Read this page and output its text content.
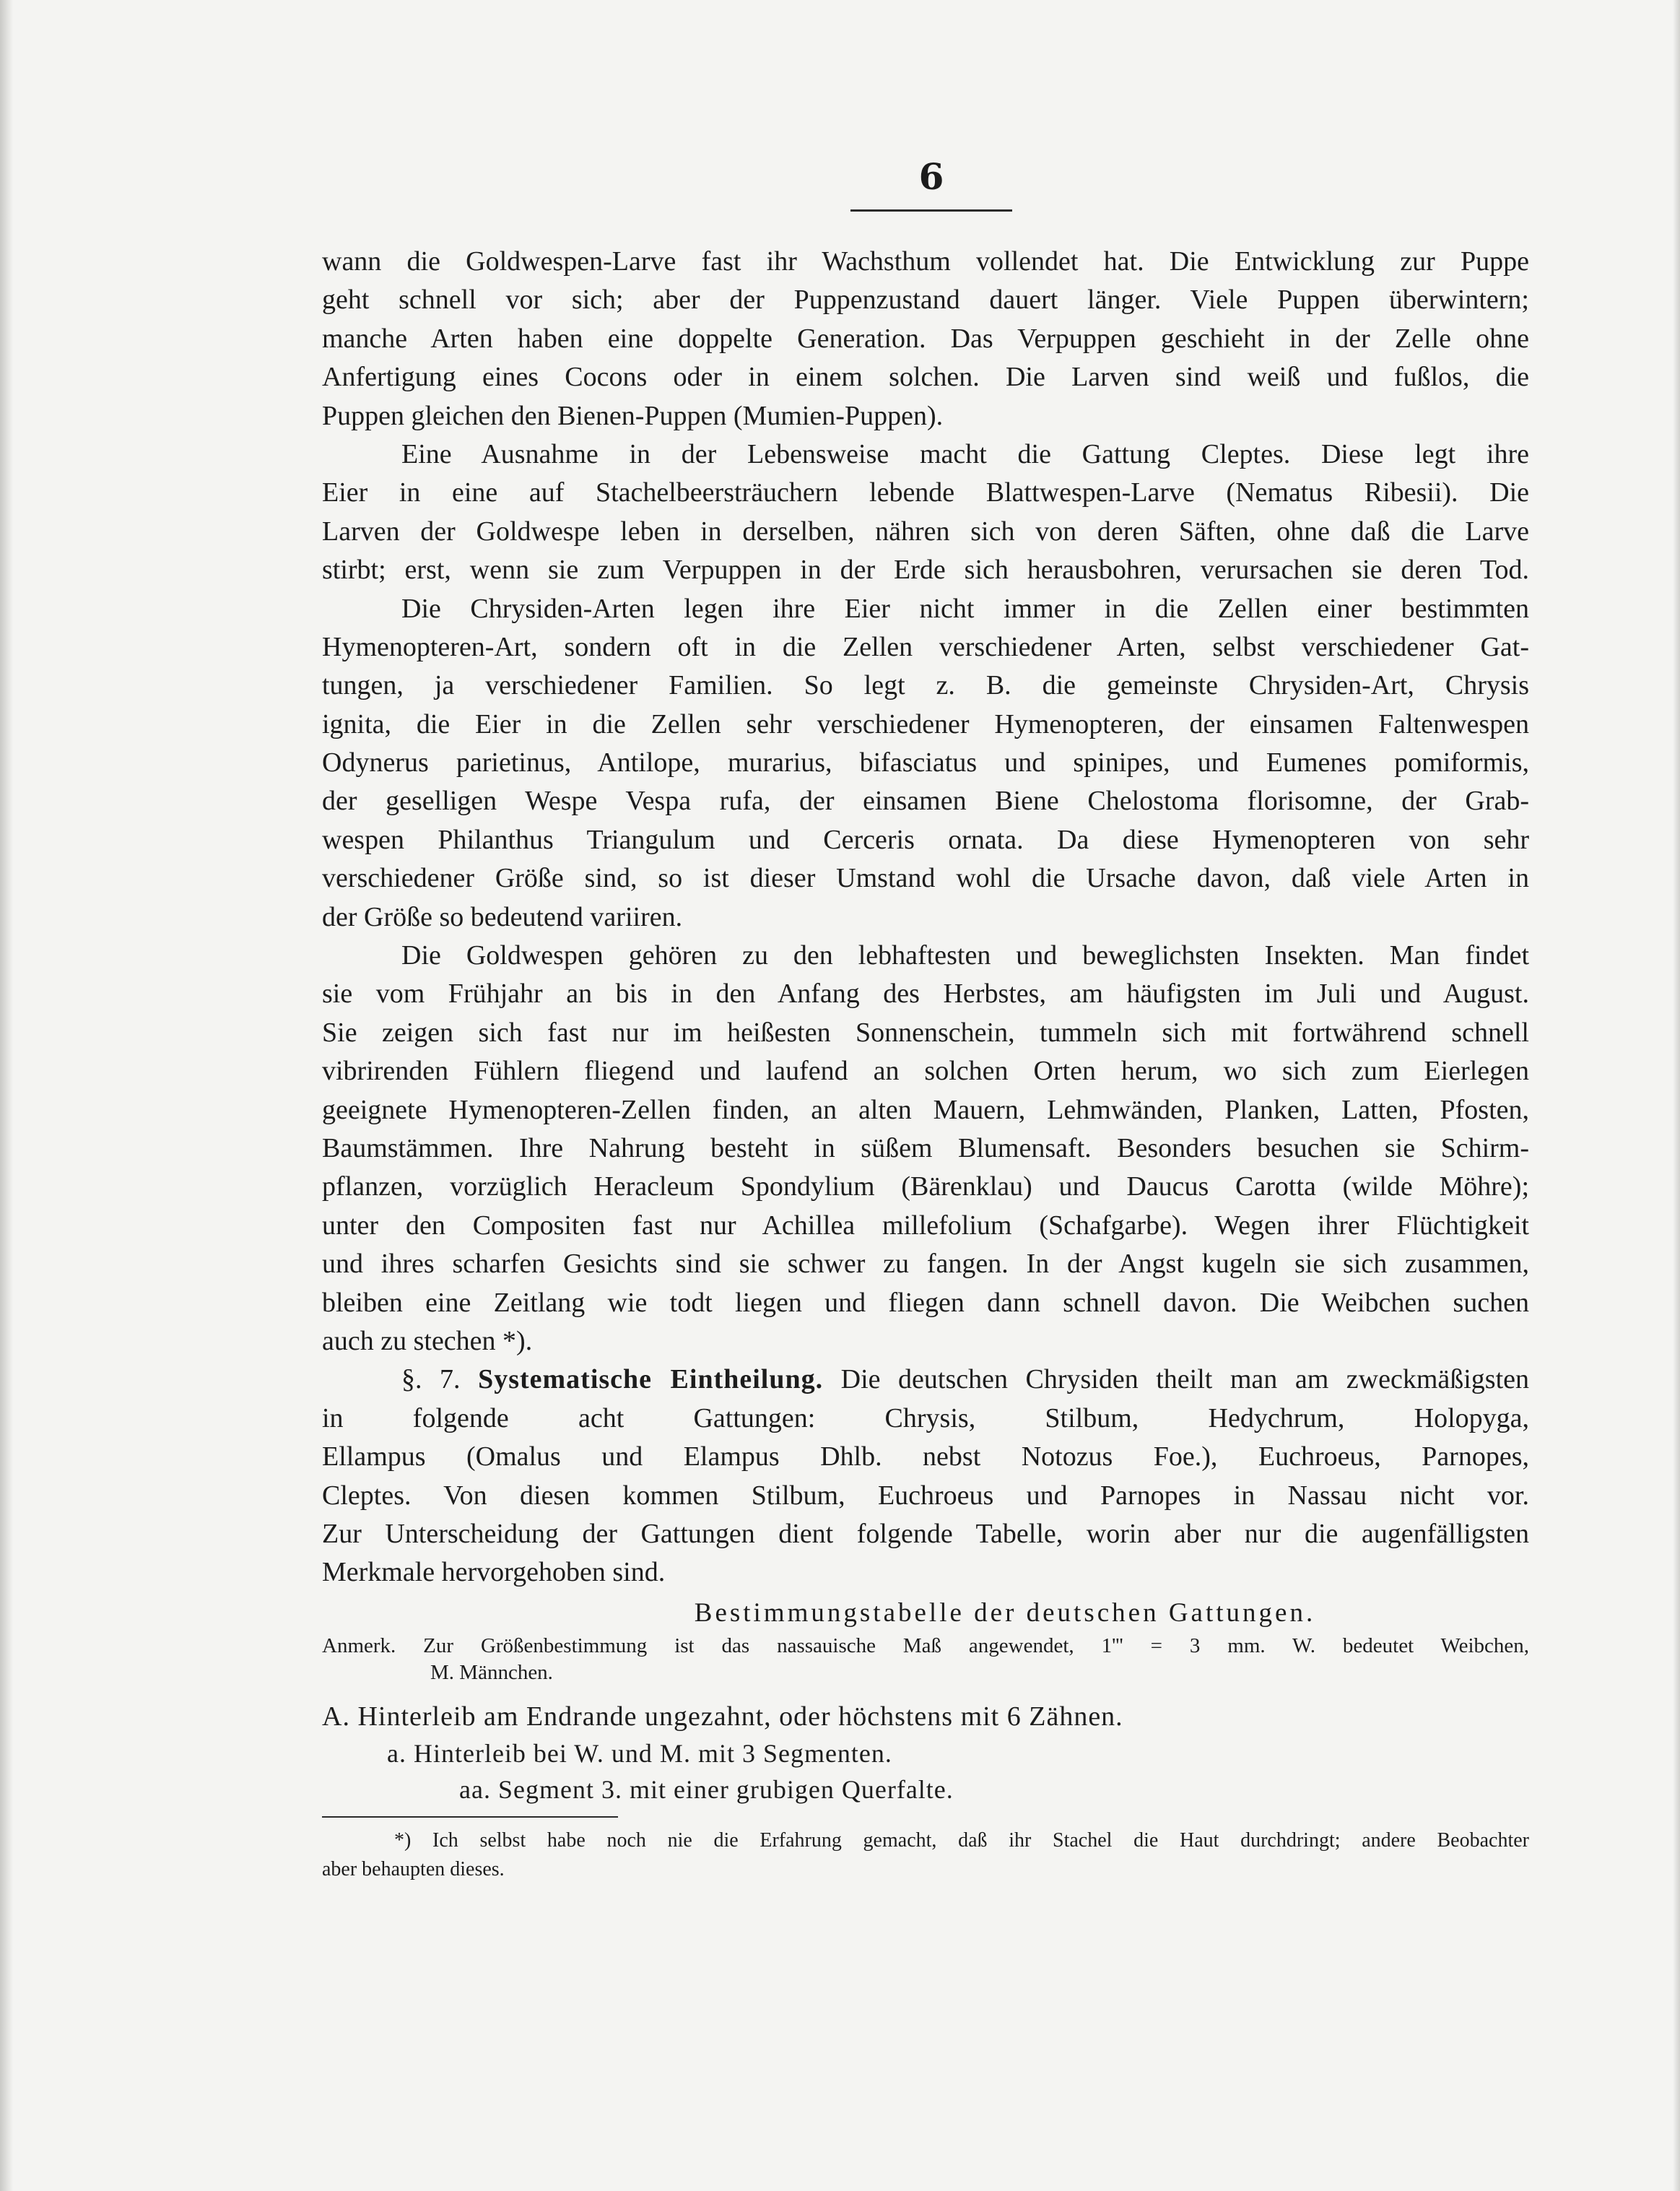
6
wann die Goldwespen-Larve fast ihr Wachsthum vollendet hat. Die Entwicklung zur Puppe
geht schnell vor sich; aber der Puppenzustand dauert länger. Viele Puppen überwintern;
manche Arten haben eine doppelte Generation. Das Verpuppen geschieht in der Zelle ohne
Anfertigung eines Cocons oder in einem solchen. Die Larven sind weiß und fußlos, die
Puppen gleichen den Bienen-Puppen (Mumien-Puppen).
Eine Ausnahme in der Lebensweise macht die Gattung Cleptes. Diese legt ihre
Eier in eine auf Stachelbeersträuchern lebende Blattwespen-Larve (Nematus Ribesii). Die
Larven der Goldwespe leben in derselben, nähren sich von deren Säften, ohne daß die Larve
stirbt; erst, wenn sie zum Verpuppen in der Erde sich herausbohren, verursachen sie deren Tod.
Die Chrysiden-Arten legen ihre Eier nicht immer in die Zellen einer bestimmten
Hymenopteren-Art, sondern oft in die Zellen verschiedener Arten, selbst verschiedener Gat-
tungen, ja verschiedener Familien. So legt z. B. die gemeinste Chrysiden-Art, Chrysis
ignita, die Eier in die Zellen sehr verschiedener Hymenopteren, der einsamen Faltenwespen
Odynerus parietinus, Antilope, murarius, bifasciatus und spinipes, und Eumenes pomiformis,
der geselligen Wespe Vespa rufa, der einsamen Biene Chelostoma florisomne, der Grab-
wespen Philanthus Triangulum und Cerceris ornata. Da diese Hymenopteren von sehr
verschiedener Größe sind, so ist dieser Umstand wohl die Ursache davon, daß viele Arten in
der Größe so bedeutend variiren.
Die Goldwespen gehören zu den lebhaftesten und beweglichsten Insekten. Man findet
sie vom Frühjahr an bis in den Anfang des Herbstes, am häufigsten im Juli und August.
Sie zeigen sich fast nur im heißesten Sonnenschein, tummeln sich mit fortwährend schnell
vibrirenden Fühlern fliegend und laufend an solchen Orten herum, wo sich zum Eierlegen
geeignete Hymenopteren-Zellen finden, an alten Mauern, Lehmwänden, Planken, Latten, Pfosten,
Baumstämmen. Ihre Nahrung besteht in süßem Blumensaft. Besonders besuchen sie Schirm-
pflanzen, vorzüglich Heracleum Spondylium (Bärenklau) und Daucus Carotta (wilde Möhre);
unter den Compositen fast nur Achillea millefolium (Schafgarbe). Wegen ihrer Flüchtigkeit
und ihres scharfen Gesichts sind sie schwer zu fangen. In der Angst kugeln sie sich zusammen,
bleiben eine Zeitlang wie todt liegen und fliegen dann schnell davon. Die Weibchen suchen
auch zu stechen *).
§. 7. Systematische Eintheilung. Die deutschen Chrysiden theilt man am zweckmäßigsten
in folgende acht Gattungen: Chrysis, Stilbum, Hedychrum, Holopyga,
Ellampus (Omalus und Elampus Dhlb. nebst Notozus Foe.), Euchroeus, Parnopes,
Cleptes. Von diesen kommen Stilbum, Euchroeus und Parnopes in Nassau nicht vor.
Zur Unterscheidung der Gattungen dient folgende Tabelle, worin aber nur die augenfälligsten
Merkmale hervorgehoben sind.
Bestimmungstabelle der deutschen Gattungen.
Anmerk. Zur Größenbestimmung ist das nassauische Maß angewendet, 1''' = 3 mm. W. bedeutet Weibchen,
M. Männchen.
A. Hinterleib am Endrande ungezahnt, oder höchstens mit 6 Zähnen.
a. Hinterleib bei W. und M. mit 3 Segmenten.
aa. Segment 3. mit einer grubigen Querfalte.
*) Ich selbst habe noch nie die Erfahrung gemacht, daß ihr Stachel die Haut durchdringt; andere Beobachter
aber behaupten dieses.
